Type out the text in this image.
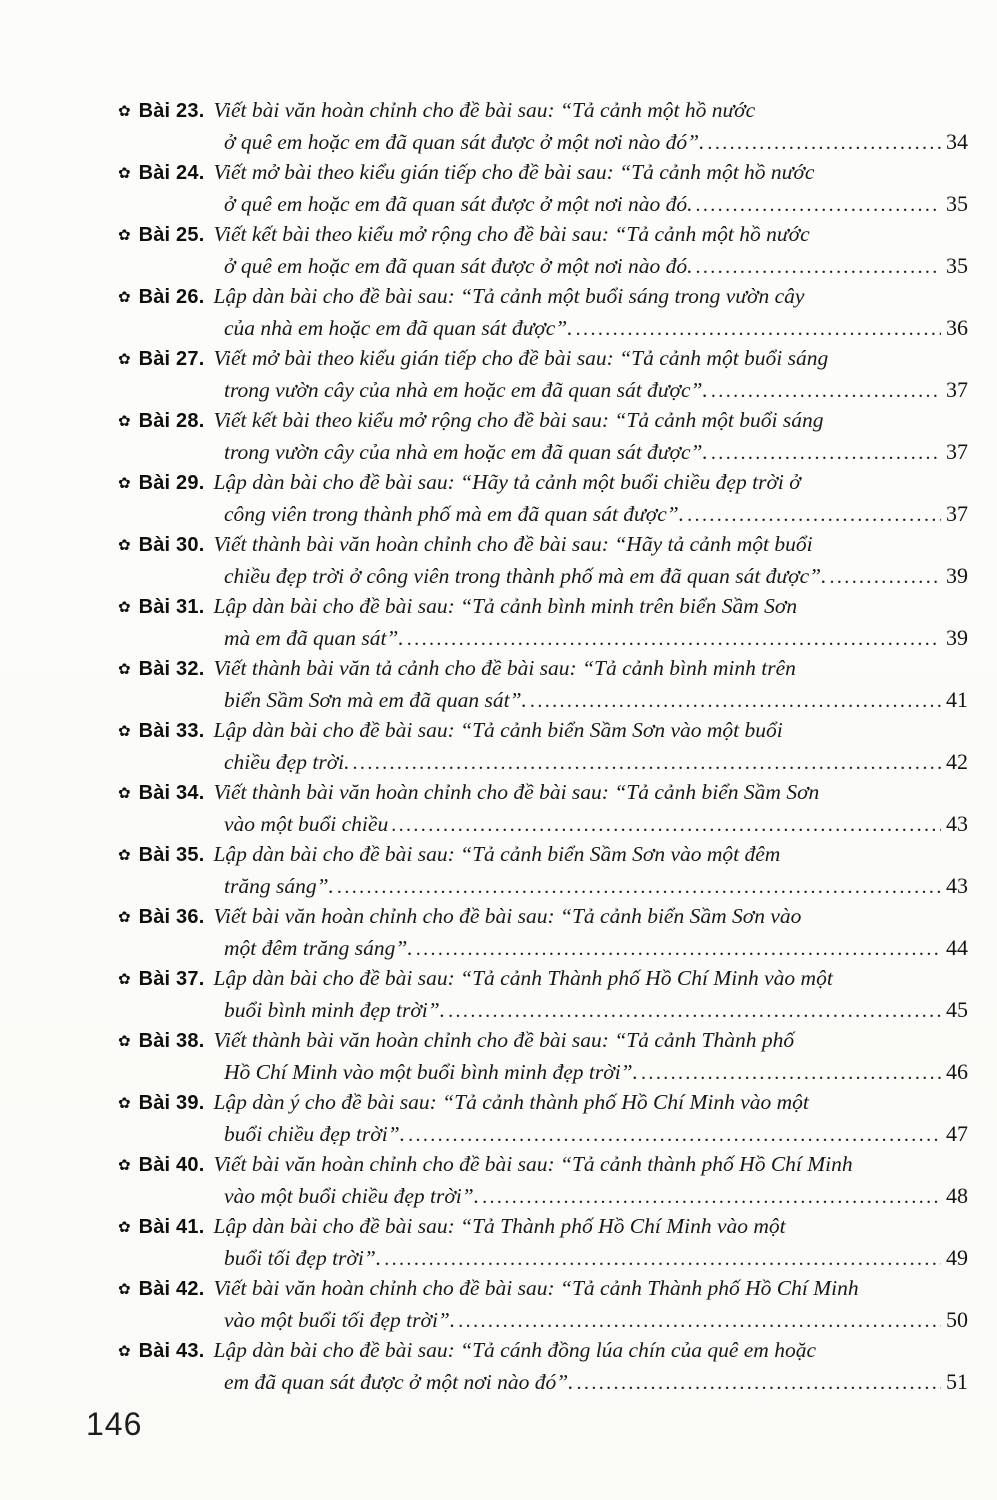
✿ Bài 23. Viết bài văn hoàn chỉnh cho đề bài sau: “Tả cảnh một hồ nước
ở quê em hoặc em đã quan sát được ở một nơi nào đó”. .....	34
✿ Bài 24. Viết mở bài theo kiểu gián tiếp cho đề bài sau: “Tả cảnh một hồ nước
ở quê em hoặc em đã quan sát được ở một nơi nào đó. .....	35
✿ Bài 25. Viết kết bài theo kiểu mở rộng cho đề bài sau: “Tả cảnh một hồ nước
ở quê em hoặc em đã quan sát được ở một nơi nào đó. .....	35
✿ Bài 26. Lập dàn bài cho đề bài sau: “Tả cảnh một buổi sáng trong vườn cây
của nhà em hoặc em đã quan sát được”. .....	36
✿ Bài 27. Viết mở bài theo kiểu gián tiếp cho đề bài sau: “Tả cảnh một buổi sáng
trong vườn cây của nhà em hoặc em đã quan sát được”. .....	37
✿ Bài 28. Viết kết bài theo kiểu mở rộng cho đề bài sau: “Tả cảnh một buổi sáng
trong vườn cây của nhà em hoặc em đã quan sát được”. .....	37
✿ Bài 29. Lập dàn bài cho đề bài sau: “Hãy tả cảnh một buổi chiều đẹp trời ở
công viên trong thành phố mà em đã quan sát được”. .....	37
✿ Bài 30. Viết thành bài văn hoàn chỉnh cho đề bài sau: “Hãy tả cảnh một buổi
chiều đẹp trời ở công viên trong thành phố mà em đã quan sát được”. .....	39
✿ Bài 31. Lập dàn bài cho đề bài sau: “Tả cảnh bình minh trên biển Sầm Sơn
mà em đã quan sát”. .....	39
✿ Bài 32. Viết thành bài văn tả cảnh cho đề bài sau: “Tả cảnh bình minh trên
biển Sầm Sơn mà em đã quan sát”. .....	41
✿ Bài 33. Lập dàn bài cho đề bài sau: “Tả cảnh biển Sầm Sơn vào một buổi
chiều đẹp trời. .....	42
✿ Bài 34. Viết thành bài văn hoàn chỉnh cho đề bài sau: “Tả cảnh biển Sầm Sơn
vào một buổi chiều .....	43
✿ Bài 35. Lập dàn bài cho đề bài sau: “Tả cảnh biển Sầm Sơn vào một đêm
trăng sáng”. .....	43
✿ Bài 36. Viết bài văn hoàn chỉnh cho đề bài sau: “Tả cảnh biển Sầm Sơn vào
một đêm trăng sáng”. .....	44
✿ Bài 37. Lập dàn bài cho đề bài sau: “Tả cảnh Thành phố Hồ Chí Minh vào một
buổi bình minh đẹp trời”. .....	45
✿ Bài 38. Viết thành bài văn hoàn chỉnh cho đề bài sau: “Tả cảnh Thành phố
Hồ Chí Minh vào một buổi bình minh đẹp trời”. .....	46
✿ Bài 39. Lập dàn ý cho đề bài sau: “Tả cảnh thành phố Hồ Chí Minh vào một
buổi chiều đẹp trời”. .....	47
✿ Bài 40. Viết bài văn hoàn chỉnh cho đề bài sau: “Tả cảnh thành phố Hồ Chí Minh
vào một buổi chiều đẹp trời”. .....	48
✿ Bài 41. Lập dàn bài cho đề bài sau: “Tả Thành phố Hồ Chí Minh vào một
buổi tối đẹp trời”. .....	49
✿ Bài 42. Viết bài văn hoàn chỉnh cho đề bài sau: “Tả cảnh Thành phố Hồ Chí Minh
vào một buổi tối đẹp trời”. .....	50
✿ Bài 43. Lập dàn bài cho đề bài sau: “Tả cánh đồng lúa chín của quê em hoặc
em đã quan sát được ở một nơi nào đó”. .....	51
146
